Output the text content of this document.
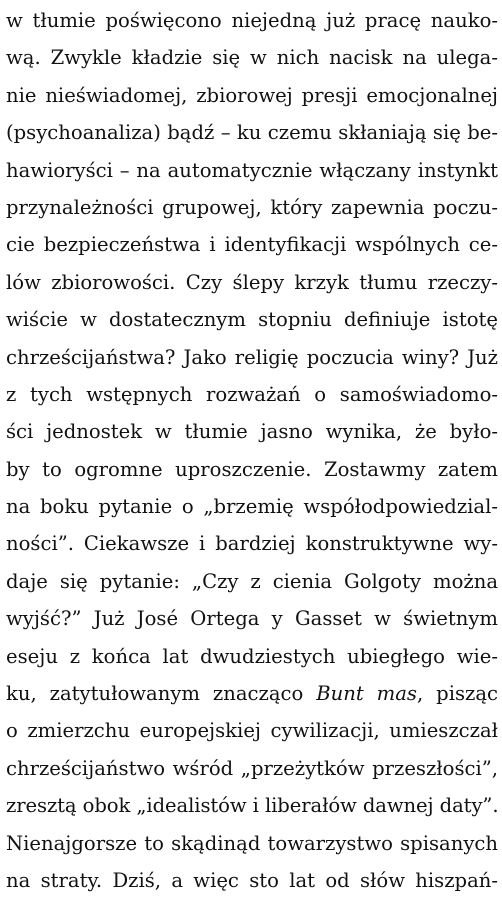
w tłumie poświęcono niejedną już pracę nauko-
wą. Zwykle kładzie się w nich nacisk na ulega-
nie nieświadomej, zbiorowej presji emocjonalnej
(psychoanaliza) bądź – ku czemu skłaniają się be-
hawioryści – na automatycznie włączany instynkt
przynależności grupowej, który zapewnia poczu-
cie bezpieczeństwa i identyfikacji wspólnych ce-
lów zbiorowości. Czy ślepy krzyk tłumu rzeczy-
wiście w dostatecznym stopniu definiuje istotę
chrześcijaństwa? Jako religię poczucia winy? Już
z tych wstępnych rozważań o samoświadomo-
ści jednostek w tłumie jasno wynika, że było-
by to ogromne uproszczenie. Zostawmy zatem
na boku pytanie o „brzemię współodpowiedzial-
ności”. Ciekawsze i bardziej konstruktywne wy-
daje się pytanie: „Czy z cienia Golgoty można
wyjść?” Już José Ortega y Gasset w świetnym
eseju z końca lat dwudziestych ubiegłego wie-
ku, zatytułowanym znacząco Bunt mas, pisząc
o zmierzchu europejskiej cywilizacji, umieszczał
chrześcijaństwo wśród „przeżytków przeszłości”,
zresztą obok „idealistów i liberałów dawnej daty”.
Nienajgorsze to skądinąd towarzystwo spisanych
na straty. Dziś, a więc sto lat od słów hiszpań-
